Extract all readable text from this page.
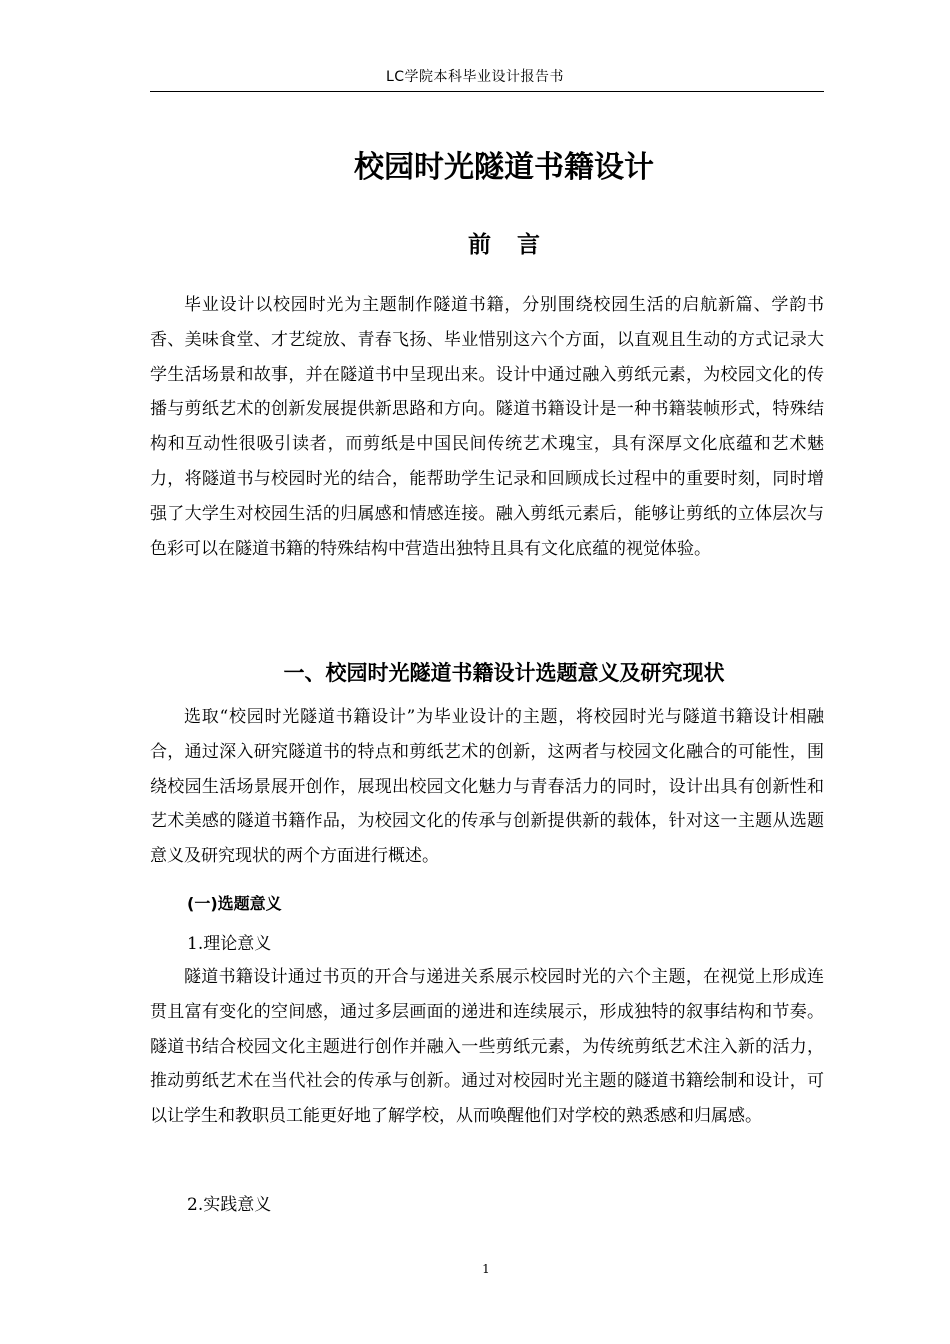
LC学院本科毕业设计报告书
校园时光隧道书籍设计
前 言

毕业设计以校园时光为主题制作隧道书籍，分别围绕校园生活的启航新篇、学韵书香、美味食堂、才艺绽放、青春飞扬、毕业惜别这六个方面，以直观且生动的方式记录大学生活场景和故事，并在隧道书中呈现出来。设计中通过融入剪纸元素，为校园文化的传播与剪纸艺术的创新发展提供新思路和方向。隧道书籍设计是一种书籍装帧形式，特殊结构和互动性很吸引读者，而剪纸是中国民间传统艺术瑰宝，具有深厚文化底蕴和艺术魅力，将隧道书与校园时光的结合，能帮助学生记录和回顾成长过程中的重要时刻，同时增强了大学生对校园生活的归属感和情感连接。融入剪纸元素后，能够让剪纸的立体层次与色彩可以在隧道书籍的特殊结构中营造出独特且具有文化底蕴的视觉体验。

一、校园时光隧道书籍设计选题意义及研究现状

选取“校园时光隧道书籍设计”为毕业设计的主题，将校园时光与隧道书籍设计相融合，通过深入研究隧道书的特点和剪纸艺术的创新，这两者与校园文化融合的可能性，围绕校园生活场景展开创作，展现出校园文化魅力与青春活力的同时，设计出具有创新性和艺术美感的隧道书籍作品，为校园文化的传承与创新提供新的载体，针对这一主题从选题意义及研究现状的两个方面进行概述。

(一)选题意义
1.理论意义

隧道书籍设计通过书页的开合与递进关系展示校园时光的六个主题，在视觉上形成连贯且富有变化的空间感，通过多层画面的递进和连续展示，形成独特的叙事结构和节奏。隧道书结合校园文化主题进行创作并融入一些剪纸元素，为传统剪纸艺术注入新的活力，推动剪纸艺术在当代社会的传承与创新。通过对校园时光主题的隧道书籍绘制和设计，可以让学生和教职员工能更好地了解学校，从而唤醒他们对学校的熟悉感和归属感。

2.实践意义
1
